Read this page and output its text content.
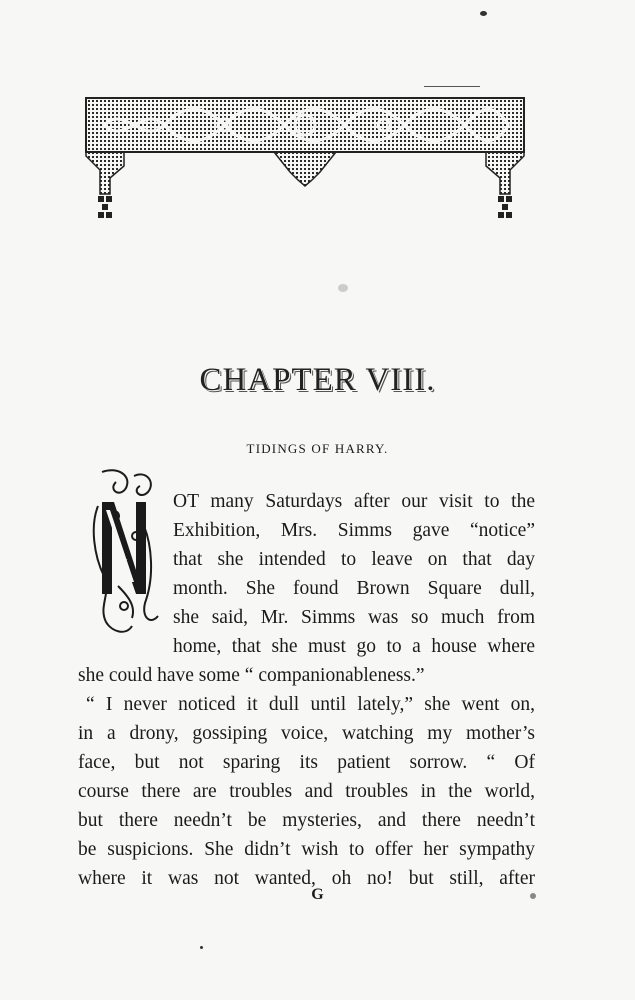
N
CHAPTER VIII.
TIDINGS OF HARRY.
OT many Saturdays after our visit to the
Exhibition, Mrs. Simms gave “notice”
that she intended to leave on that day
month. She found Brown Square dull,
she said, Mr. Simms was so much from
home, that she must go to a house where
she could have some “ companionableness.”
“ I never noticed it dull until lately,” she went on,
in a drony, gossiping voice, watching my mother’s
face, but not sparing its patient sorrow. “ Of
course there are troubles and troubles in the world,
but there needn’t be mysteries, and there needn’t
be suspicions. She didn’t wish to offer her sympathy
where it was not wanted, oh no! but still, after
G
